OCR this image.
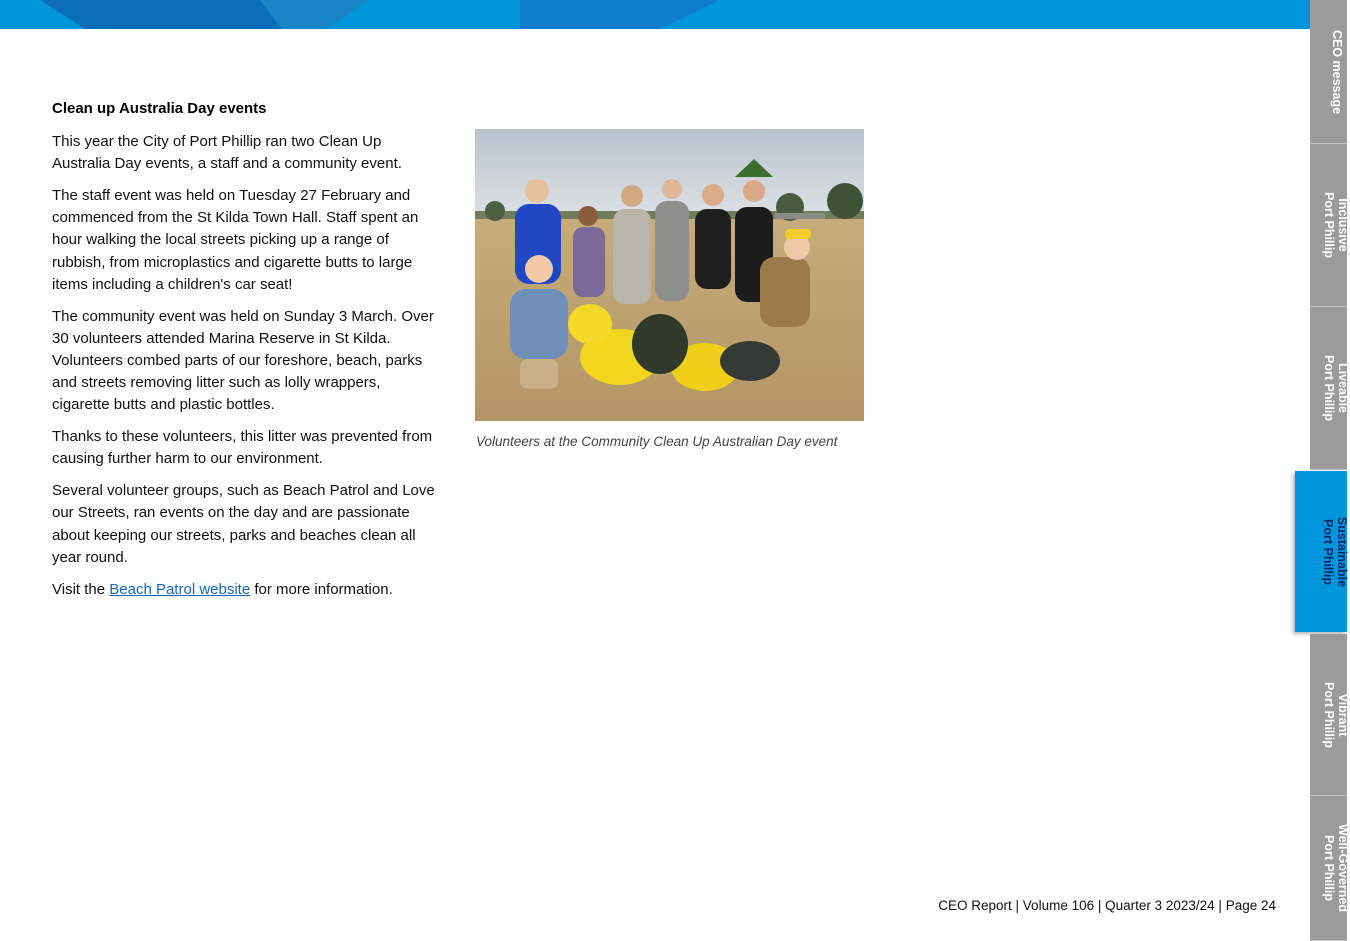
Clean up Australia Day events

This year the City of Port Phillip ran two Clean Up Australia Day events, a staff and a community event.

The staff event was held on Tuesday 27 February and commenced from the St Kilda Town Hall. Staff spent an hour walking the local streets picking up a range of rubbish, from microplastics and cigarette butts to large items including a children's car seat!

The community event was held on Sunday 3 March. Over 30 volunteers attended Marina Reserve in St Kilda. Volunteers combed parts of our foreshore, beach, parks and streets removing litter such as lolly wrappers, cigarette butts and plastic bottles.

Thanks to these volunteers, this litter was prevented from causing further harm to our environment.

Several volunteer groups, such as Beach Patrol and Love our Streets, ran events on the day and are passionate about keeping our streets, parks and beaches clean all year round.

Visit the Beach Patrol website for more information.

Volunteers at the Community Clean Up Australian Day event
CEO Report | Volume 106 | Quarter 3 2023/24 | Page 24
CEO message
Inclusive
Port Phillip
Liveable
Port Phillip
Sustainable
Port Phillip
Vibrant
Port Phillip
Well-Governed
Port Phillip
